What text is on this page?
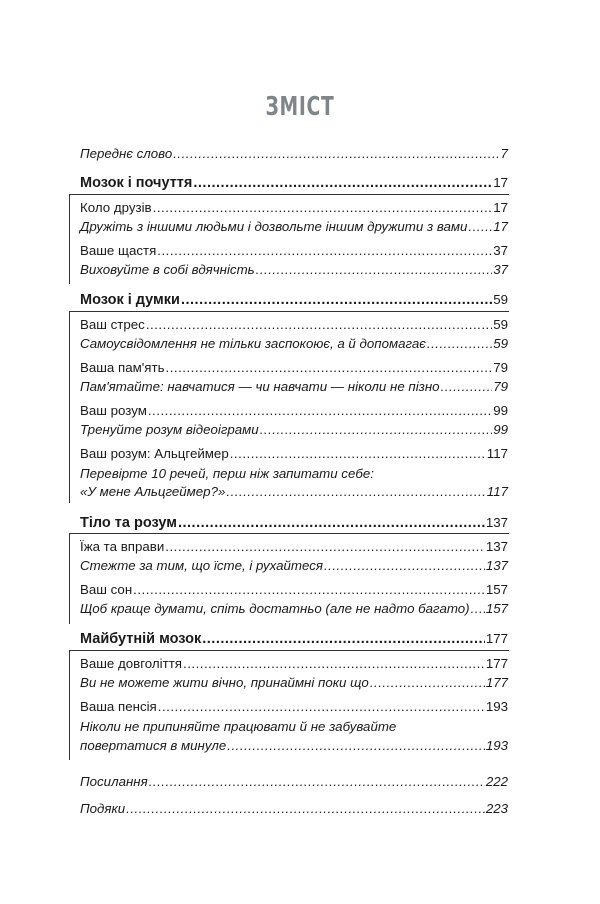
ЗМІСТ
Переднє слово .....	7
Мозок і почуття .....	17
Коло друзів .....	17
Дружіть з іншими людьми і дозвольте іншим дружити з вами ..... 17
Ваше щастя .....	37
Виховуйте в собі вдячність .....	37
Мозок і думки .....	59
Ваш стрес .....	59
Самоусвідомлення не тільки заспокоює, а й допомагає .....	59
Ваша пам'ять .....	79
Пам'ятайте: навчатися — чи навчати — ніколи не пізно .....	79
Ваш розум .....	99
Тренуйте розум відеоіграми .....	99
Ваш розум: Альцгеймер .....	117
Перевірте 10 речей, перш ніж запитати себе:
«У мене Альцгеймер?» .....	117
Тіло та розум .....	137
Їжа та вправи .....	137
Стежте за тим, що їсте, і рухайтеся .....	137
Ваш сон .....	157
Щоб краще думати, спіть достатньо (але не надто багато) ..... 157
Майбутній мозок .....	177
Ваше довголіття .....	177
Ви не можете жити вічно, принаймні поки що .....	177
Ваша пенсія .....	193
Ніколи не припиняйте працювати й не забувайте
повертатися в минуле .....	193
Посилання .....	222
Подяки .....	223
